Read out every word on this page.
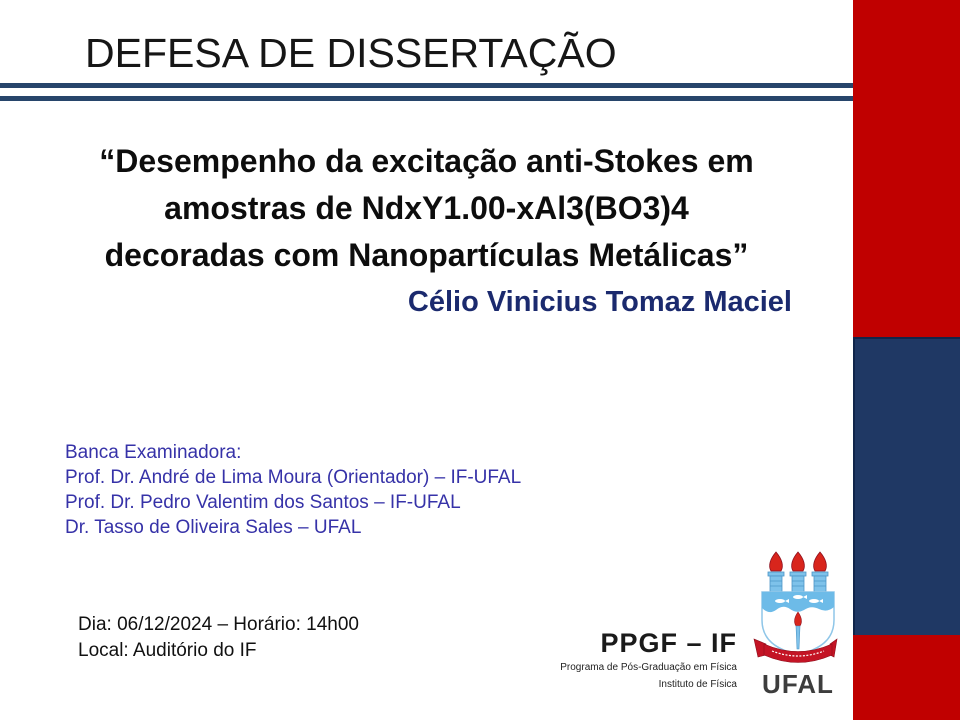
DEFESA DE DISSERTAÇÃO
“Desempenho da excitação anti-Stokes em
amostras de NdxY1.00-xAl3(BO3)4
decoradas com Nanopartículas Metálicas”
Célio Vinicius Tomaz Maciel
Banca Examinadora:
Prof. Dr. André de Lima Moura (Orientador) – IF-UFAL
Prof. Dr. Pedro Valentim dos Santos – IF-UFAL
Dr. Tasso de Oliveira Sales – UFAL
Dia: 06/12/2024 – Horário: 14h00
Local: Auditório do IF	PPGF – IF
Programa de Pós-Graduação em Física
Instituto de Física UFAL
